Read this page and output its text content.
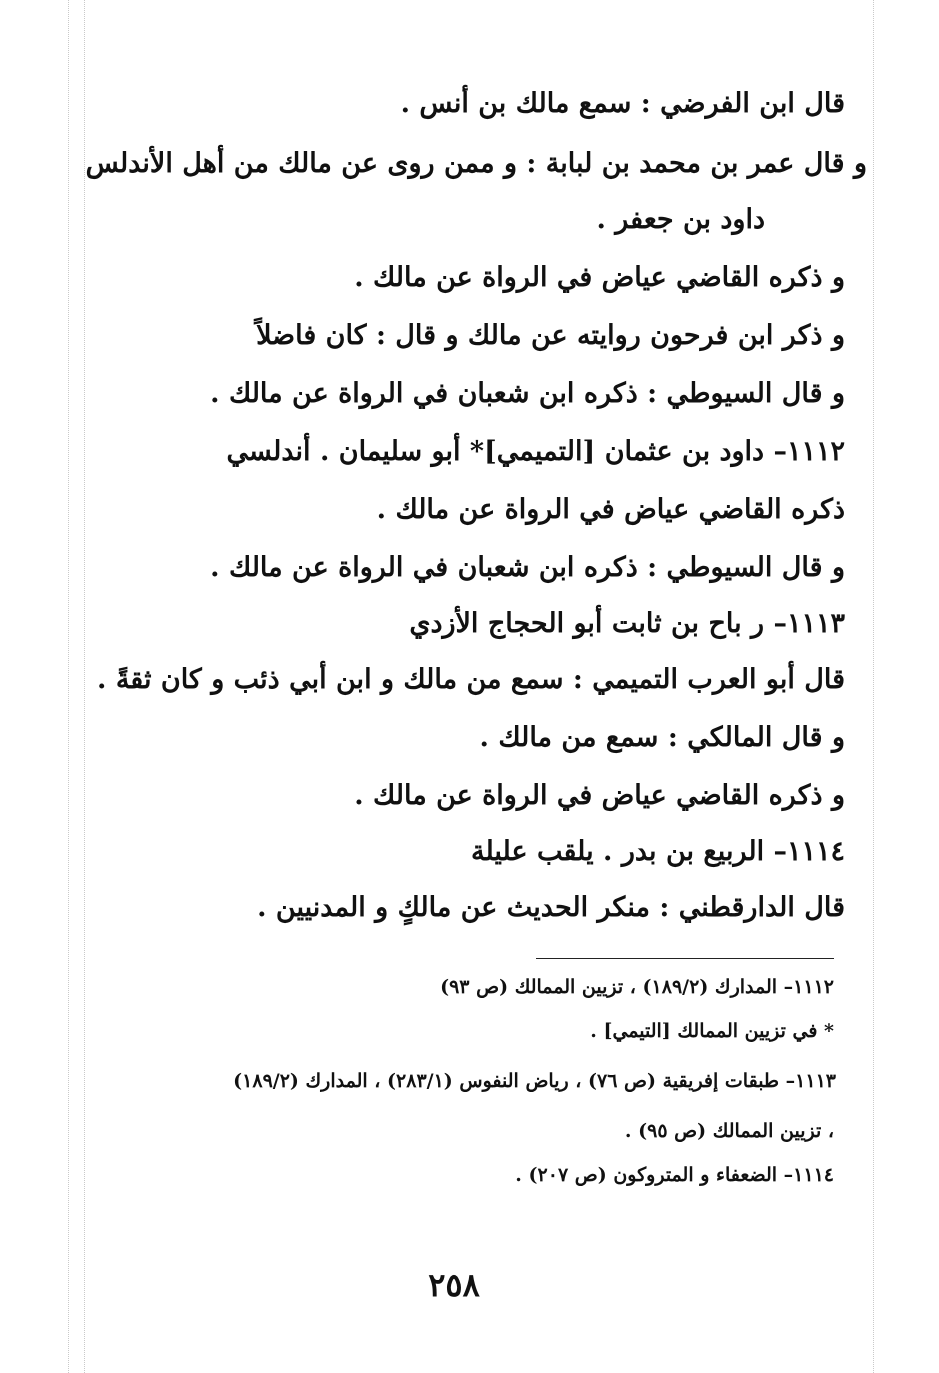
قال ابن الفرضي : سمع مالك بن أنس .
و قال عمر بن محمد بن لبابة : و ممن روى عن مالك من أهل الأندلس
داود بن جعفر .
و ذكره القاضي عياض في الرواة عن مالك .
و ذكر ابن فرحون روايته عن مالك و قال : كان فاضلاً
و قال السيوطي : ذكره ابن شعبان في الرواة عن مالك .
١١١٢– داود بن عثمان [التميمي]* أبو سليمان . أندلسي
ذكره القاضي عياض في الرواة عن مالك .
و قال السيوطي : ذكره ابن شعبان في الرواة عن مالك .
١١١٣– ر باح بن ثابت أبو الحجاج الأزدي
قال أبو العرب التميمي : سمع من مالك و ابن أبي ذئب و كان ثقةً .
و قال المالكي : سمع من مالك .
و ذكره القاضي عياض في الرواة عن مالك .
١١١٤– الربيع بن بدر . يلقب عليلة
قال الدارقطني : منكر الحديث عن مالكٍ و المدنيين .
١١١٢– المدارك (١٨٩/٢) ، تزيين الممالك (ص ٩٣)
* في تزيين الممالك [التيمي] .
١١١٣– طبقات إفريقية (ص ٧٦) ، رياض النفوس (٢٨٣/١) ، المدارك (١٨٩/٢)
، تزيين الممالك (ص ٩٥) .
١١١٤– الضعفاء و المتروكون (ص ٢٠٧) .
٢٥٨
